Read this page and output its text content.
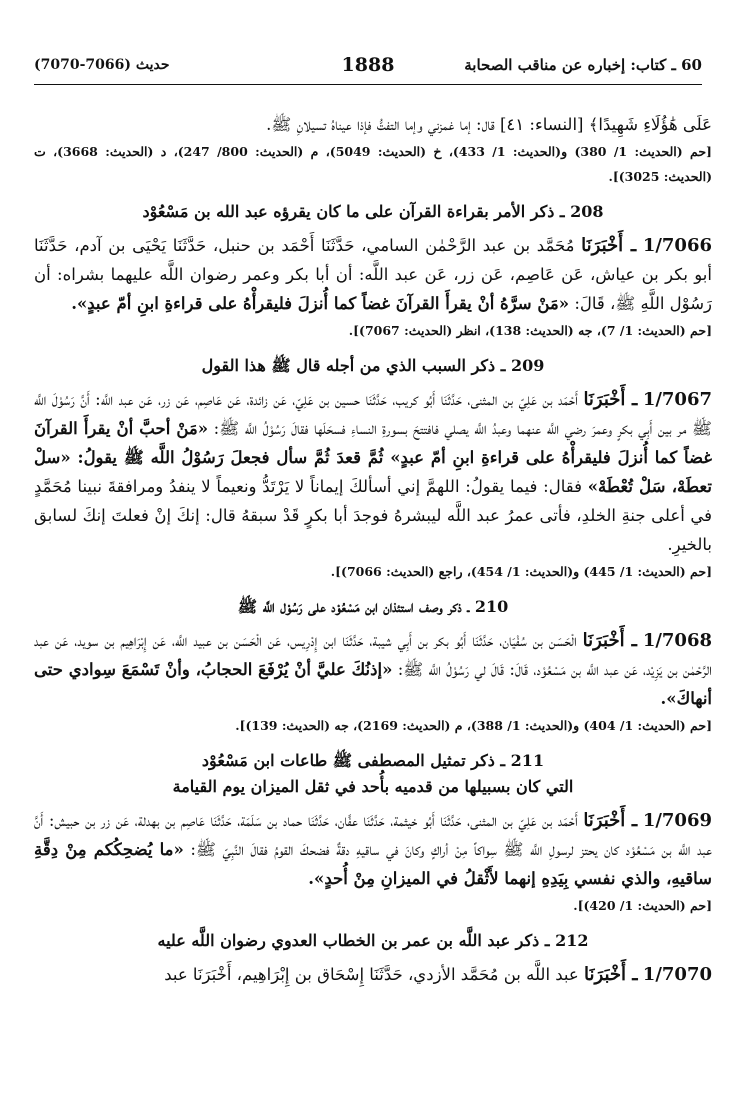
60 ـ كتاب: إخباره عن مناقب الصحابة
1888
حديث (7066-7070)

عَلَى هَٰؤُلَاءِ شَهِيدًا﴾ [النساء: ٤١] قال: إما غمزني وإما التفتُّ فإذا عيناهُ تسيلانِ ﷺ.

[حم (الحديث: 1/ 380) و(الحديث: 1/ 433)، خ (الحديث: 5049)، م (الحديث: 800/ 247)، د (الحديث: 3668)، ت (الحديث: 3025)].

208 ـ ذكر الأمر بقراءة القرآن على ما كان يقرؤه عبد الله بن مَسْعُوْد

1/7066 ـ أَخْبَرَنَا مُحَمَّد بن عبد الرَّحْمٰن السامي، حَدَّثَنَا أَحْمَد بن حنبل، حَدَّثَنَا يَحْيَى بن آدم، حَدَّثَنَا أبو بكر بن عياش، عَن عَاصِم، عَن زر، عَن عبد اللَّه: أن أبا بكر وعمر رضوان اللَّه عليهما بشراه: أن رَسُوْل اللَّهِ ﷺ، قَالَ: «مَنْ سرَّهُ أنْ يقرأَ القرآنَ غضاً كما أُنزلَ فليقرأْهُ على قراءةِ ابنِ أمّ عبدٍ».

[حم (الحديث: 1/ 7)، جه (الحديث: 138)، انظر (الحديث: 7067)].

209 ـ ذكر السبب الذي من أجله قال ﷺ هذا القول

1/7067 ـ أَخْبَرَنَا أَحْمَد بن عَلِيّ بن المثنى، حَدَّثَنَا أَبُو كريب، حَدَّثَنَا حسين بن عَلِيّ، عَن زائدة، عَن عَاصِم، عَن زر، عَن عبد اللَّه: أَنَّ رَسُوْلَ اللَّه ﷺ مر بين أَبِي بكرٍ وعمرَ رضي اللَّه عنهما وعبدُ اللَّه يصلي فافتتحَ بسورةِ النساءِ فسحَلَها فقالَ رَسُوْلُ اللَّه ﷺ: «مَنْ أحبَّ أنْ يقرأَ القرآنَ غضاً كما أُنزلَ فليقرأْهُ على قراءةِ ابنِ أمّ عبدٍ» ثُمَّ قعدَ ثُمَّ سأل فجعلَ رَسُوْلُ اللَّه ﷺ يقولُ: «سلْ تعطَهْ، سَلْ تُعْطَهْ» فقال: فيما يقولُ: اللهمَّ إني أسألكَ إيماناً لا يَرْتَدُّ ونعيماً لا ينفدُ ومرافقةَ نبينا مُحَمَّدٍ في أعلى جنةِ الخلدِ، فأتى عمرُ عبد اللَّه ليبشرهُ فوجدَ أبا بكرٍ قَدْ سبقهُ قال: إنكَ إنْ فعلتَ إنكَ لسابق بالخيرِ.

[حم (الحديث: 1/ 445) و(الحديث: 1/ 454)، راجع (الحديث: 7066)].

210 ـ ذكر وصف استئذان ابن مَسْعُوْد على رَسُوْل اللَّه ﷺ

1/7068 ـ أَخْبَرَنَا الْحَسَن بن سُفْيَان، حَدَّثَنَا أَبُو بكر بن أَبِي شيبة، حَدَّثَنَا ابن إِدْرِيس، عَن الْحَسَن بن عبيد اللَّه، عَن إِبْرَاهِيم بن سويد، عَن عبد الرَّحْمٰن بن يَزِيْد، عَن عبد اللَّه بن مَسْعُوْد، قَالَ: قَالَ لي رَسُوْلُ اللَّه ﷺ: «إذنُكَ عليَّ أنْ يُرْفَعَ الحجابُ، وأنْ تَسْمَعَ سِوادي حتى أنهاكَ».

[حم (الحديث: 1/ 404) و(الحديث: 1/ 388)، م (الحديث: 2169)، جه (الحديث: 139)].

211 ـ ذكر تمثيل المصطفى ﷺ طاعات ابن مَسْعُوْد
التي كان بسبيلها من قدميه بأُحد في ثقل الميزان يوم القيامة

1/7069 ـ أَخْبَرَنَا أَحْمَد بن عَلِيّ بن المثنى، حَدَّثَنَا أَبُو خيثمة، حَدَّثَنَا عفَّان، حَدَّثَنَا حماد بن سَلَمَة، حَدَّثَنَا عَاصِم بن بهدلة، عَن زر بن حبيش: أَنَّ عبد اللَّه بن مَسْعُوْد كان يحتز لرسولِ اللَّه ﷺ سِواكاً مِنْ أراكٍ وكانَ في ساقيهِ دقةٌ فضحكَ القومُ فقالَ النَّبِيّ ﷺ: «ما يُضحِكُكم مِنْ دِقَّةِ ساقيهِ، والذي نفسي بِيَدِهِ إنهما لأَثْقلُ في الميزانِ مِنْ أُحدٍ».

[حم (الحديث: 1/ 420)].

212 ـ ذكر عبد اللَّه بن عمر بن الخطاب العدوي رضوان اللَّه عليه

1/7070 ـ أَخْبَرَنَا عبد اللَّه بن مُحَمَّد الأزدي، حَدَّثَنَا إِسْحَاق بن إِبْرَاهِيم، أَخْبَرَنَا عبد
